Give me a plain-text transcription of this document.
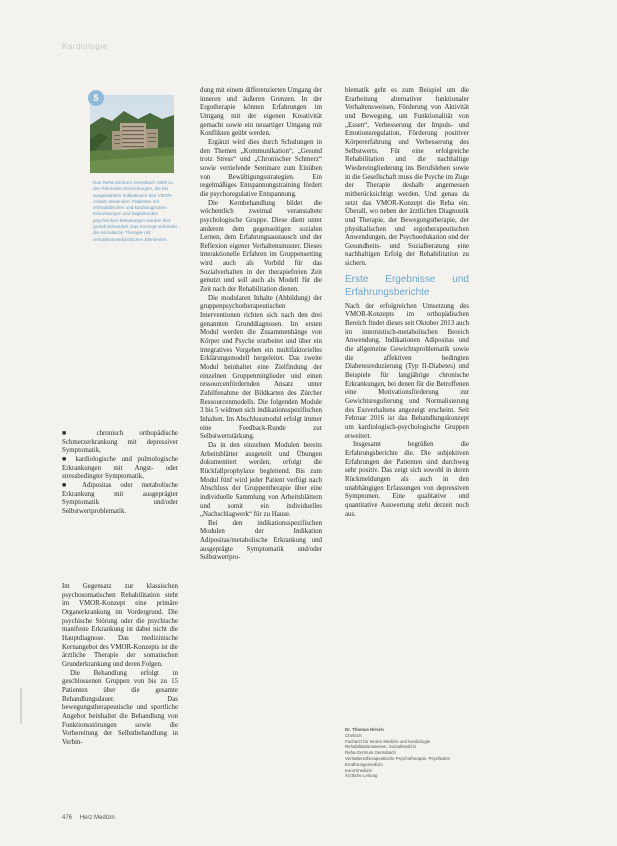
Kardiologie
5
Das Reha-Zentrum Gernsbach zählt zu den führenden Einrichtungen, die bei ausgewählten Indikationen den VMOR-Ansatz anwenden: Patienten mit orthopädischen und kardiologischen Erkrankungen und begleitenden psychischen Belastungen werden hier gezielt behandelt. Das Konzept verbindet die somatische Therapie mit verhaltensmedizinischen Elementen.

■ chronisch orthopädische Schmerzerkrankung mit depressiver Symptomatik,

■ kardiologische und pulmologische Erkrankungen mit Angst- oder stressbedingter Symptomatik,

■ Adipositas oder metabolische Erkrankung mit ausgeprägter Symptomatik und/oder Selbstwertproblematik.

Im Gegensatz zur klassischen psychosomatischen Rehabilitation steht im VMOR-Konzept eine primäre Organerkrankung im Vordergrund. Die psychische Störung oder die psychische manifeste Erkrankung ist dabei nicht die Hauptdiagnose. Das medizinische Kernangebot des VMOR-Konzepts ist die ärztliche Therapie der somatischen Grunderkrankung und deren Folgen.

Die Behandlung erfolgt in geschlossenen Gruppen von bis zu 15 Patienten über die gesamte Behandlungsdauer. Das bewegungstherapeutische und sportliche Angebot beinhaltet die Behandlung von Funktionsstörungen sowie die Vorbereitung der Selbstbehandlung in Verbin-

dung mit einem differenzierten Umgang der inneren und äußeren Grenzen. In der Ergotherapie können Erfahrungen im Umgang mit der eigenen Kreativität gemacht sowie ein neuartiger Umgang mit Konflikten geübt werden.

Ergänzt wird dies durch Schulungen in den Themen „Kommunikation“, „Gesund trotz Stress“ und „Chronischer Schmerz“ sowie vertiefende Seminare zum Einüben von Bewältigungsstrategien. Ein regelmäßiges Entspannungstraining fördert die psychoregulative Entspannung.

Die Kernbehandlung bildet die wöchentlich zweimal veranstaltete psychologische Gruppe. Diese dient unter anderem dem gegenseitigen sozialen Lernen, dem Erfahrungsaustausch und der Reflexion eigener Verhaltensmuster. Dieses interaktionelle Erfahren im Gruppensetting wird auch als Vorbild für das Sozialverhalten in der therapiefreien Zeit genutzt und soll auch als Modell für die Zeit nach der Rehabilitation dienen.

Die modularen Inhalte (Abbildung) der gruppenpsychotherapeutischen Interventionen richten sich nach den drei genannten Grunddiagnosen. Im ersten Modul werden die Zusammenhänge von Körper und Psyche erarbeitet und über ein integratives Vorgehen ein multifaktorielles Erklärungsmodell hergeleitet. Das zweite Modul beinhaltet eine Zielfindung der einzelnen Gruppenmitglieder und einen ressourcenfördernden Ansatz unter Zuhilfenahme der Bildkarten des Zürcher Ressourcenmodells. Die folgenden Module 3 bis 5 widmen sich indikationsspezifischen Inhalten. Im Abschlussmodul erfolgt immer eine Feedback-Runde zur Selbstwertstärkung.

Da in den einzelnen Modulen bereits Arbeitsblätter ausgeteilt und Übungen dokumentiert werden, erfolgt die Rückfallprophylaxe begleitend. Bis zum Modul fünf wird jeder Patient verfügt nach Abschluss der Gruppentherapie über eine individuelle Sammlung von Arbeitsblättern und somit ein individuelles „Nachschlagwerk“ für zu Hause.

Bei den indikationsspezifischen Modulen der Indikation Adipositas/metabolische Erkrankung und ausgeprägte Symptomatik und/oder Selbstwertpro-

blematik geht es zum Beispiel um die Erarbeitung alternativer funktionaler Verhaltensweisen, Förderung von Aktivität und Bewegung, um Funktionalität von „Essen“, Verbesserung der Impuls- und Emotionsregulation, Förderung positiver Körpererfahrung und Verbesserung des Selbstwerts. Für eine erfolgreiche Rehabilitation und die nachhaltige Wiedereingliederung ins Berufsleben sowie in die Gesellschaft muss die Psyche im Zuge der Therapie deshalb angemessen mitberücksichtigt werden. Und genau da setzt das VMOR-Konzept die Reha ein. Überall, wo neben der ärztlichen Diagnostik und Therapie, der Bewegungstherapie, der physikalischen und ergotherapeutischen Anwendungen, der Psychoedukation und der Gesundheits- und Sozialberatung eine nachhaltigen Erfolg der Rehabilitation zu sichern.

Erste Ergebnisse und Erfahrungsberichte

Nach der erfolgreichen Umsetzung des VMOR-Konzepts im orthopädischen Bereich findet dieses seit Oktober 2013 auch im internistisch-metabolischen Bereich Anwendung. Indikationen Adipositas und die allgemeine Gewichtsproblematik sowie die affektiven bedingten Diabetesreduzierung (Typ II-Diabetes) und Beispiele für langjährige chronische Erkrankungen, bei denen für die Betroffenen eine Motivationsförderung zur Gewichtsregulierung und Normalisierung des Essverhaltens angezeigt erscheint. Seit Februar 2016 ist das Behandlungskonzept um kardiologisch-psychologische Gruppen erweitert.

Insgesamt begrüßen die Erfahrungsberichte die. Die subjektiven Erfahrungen der Patienten sind durchweg sehr positiv. Das zeigt sich sowohl in deren Rückmeldungen als auch in den unabhängigen Erfassungen von depressiven Symptomen. Eine qualitative und quantitative Auswertung steht derzeit noch aus.

Dr. Thomas Hirsch
Chefarzt
Facharzt für Innere Medizin und Kardiologie
Rehabilitationswesen, Sozialmedizin
Reha-Zentrum Gernsbach
Verhaltenstherapeutische Psychotherapie, Psychiatrie
Ernährungsmedizin
Kurortmedizin
Ärztliche Leitung
476 Herz Medizin
